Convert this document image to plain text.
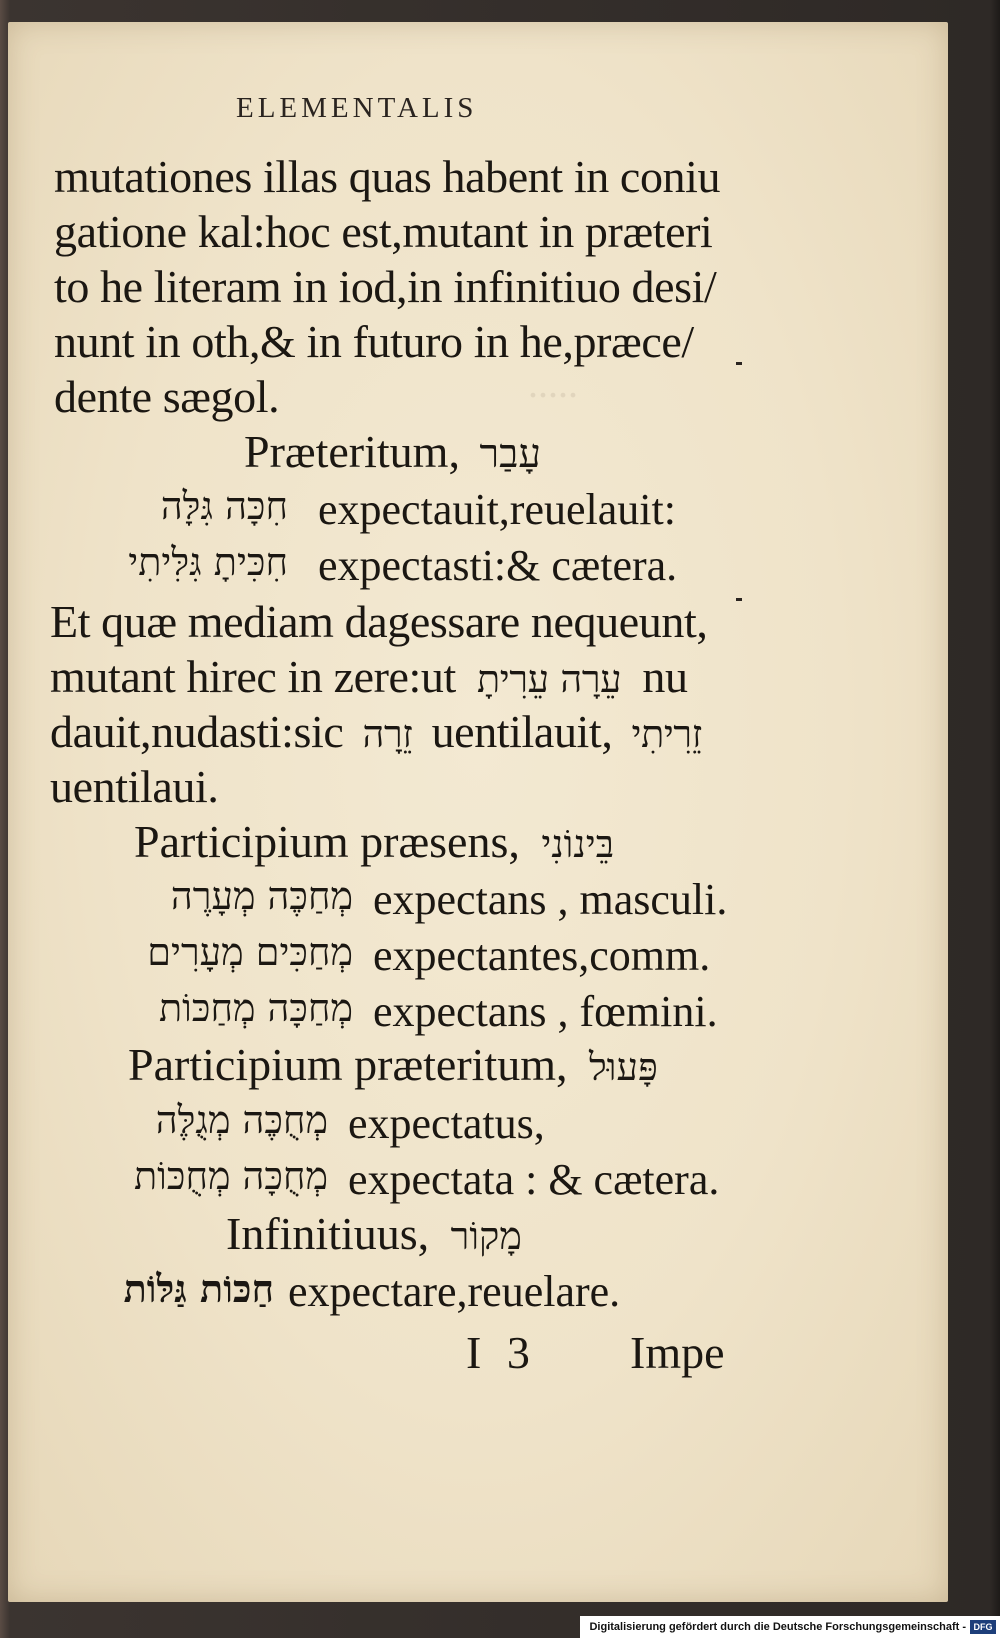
.....
ELEMENTALIS
mutationes illas quas habent in coniu
gatione kal:hoc est,mutant in præteri
to he literam in iod,in infinitiuo desi/
nunt in oth,& in futuro in he,præce/
dente sægol.
Præteritum, עָבַר
חִכָּה גִּלָּה expectauit,reuelauit:
חִכִּיתָ גִּלִּיתִי expectasti:& cætera.
Et quæ mediam dagessare nequeunt,
mutant hirec in zere:ut עֵרָה עֵרִיתָ nu
dauit,nudasti:sic זֵרָה uentilauit, זֵרִיתִי
uentilaui.
Participium præsens, בֵּינוֹנִי
מְחַכֶּה מְעָרֶה expectans , masculi.
מְחַכִּים מְעָרִים expectantes,comm.
מְחַכָּה מְחַכּוֹת expectans , fœmini.
Participium præteritum, פָּעוּל
מְחֻכֶּה מְגֻלֶּה expectatus,
מְחֻכָּה מְחֻכּוֹת expectata : & cætera.
Infinitiuus, מָקוֹר
חַכּוֹת גַּלּוֹת expectare,reuelare.
I 3 Impe
Digitalisierung gefördert durch die Deutsche Forschungsgemeinschaft - DFG
